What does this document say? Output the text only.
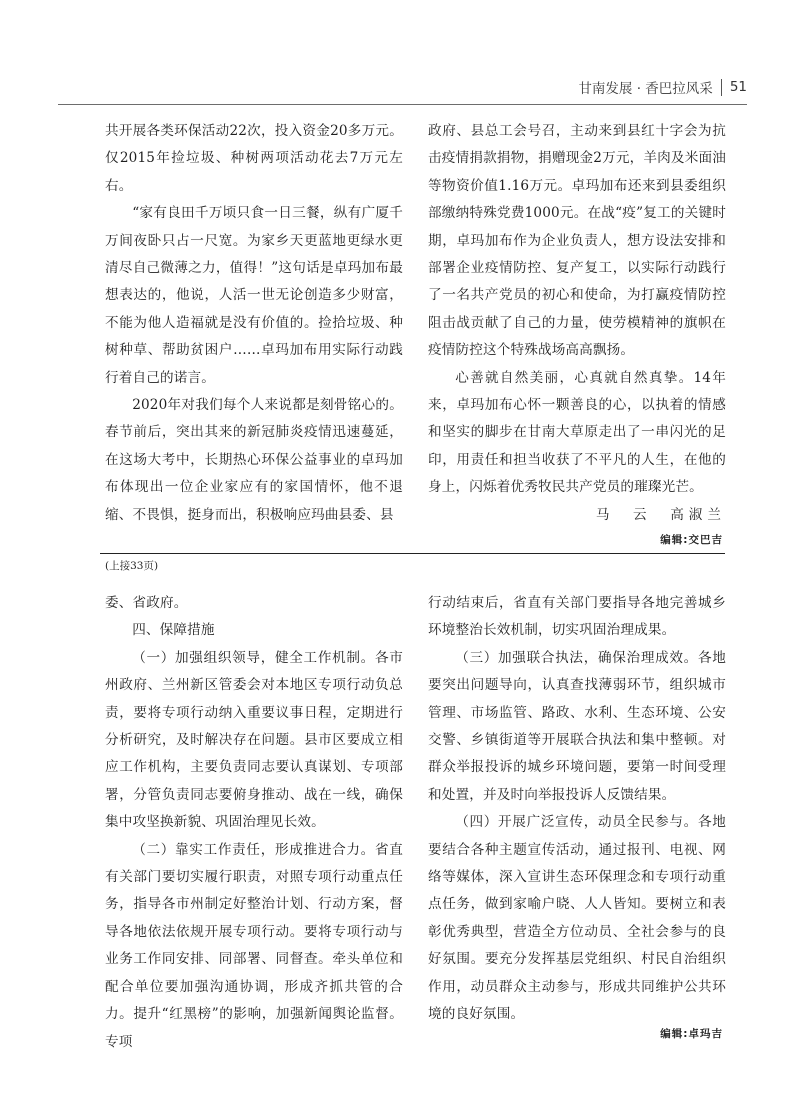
甘南发展 · 香巴拉风采 51

共开展各类环保活动22次，投入资金20多万元。仅2015年捡垃圾、种树两项活动花去7万元左右。

“家有良田千万顷只食一日三餐，纵有广厦千万间夜卧只占一尺宽。为家乡天更蓝地更绿水更清尽自己微薄之力，值得！”这句话是卓玛加布最想表达的，他说，人活一世无论创造多少财富，不能为他人造福就是没有价值的。捡拾垃圾、种树种草、帮助贫困户……卓玛加布用实际行动践行着自己的诺言。

2020年对我们每个人来说都是刻骨铭心的。春节前后，突出其来的新冠肺炎疫情迅速蔓延，在这场大考中，长期热心环保公益事业的卓玛加布体现出一位企业家应有的家国情怀，他不退缩、不畏惧，挺身而出，积极响应玛曲县委、县

政府、县总工会号召，主动来到县红十字会为抗击疫情捐款捐物，捐赠现金2万元，羊肉及米面油等物资价值1.16万元。卓玛加布还来到县委组织部缴纳特殊党费1000元。在战“疫”复工的关键时期，卓玛加布作为企业负责人，想方设法安排和部署企业疫情防控、复产复工，以实际行动践行了一名共产党员的初心和使命，为打赢疫情防控阻击战贡献了自己的力量，使劳模精神的旗帜在疫情防控这个特殊战场高高飘扬。

心善就自然美丽，心真就自然真挚。14年来，卓玛加布心怀一颗善良的心，以执着的情感和坚实的脚步在甘南大草原走出了一串闪光的足印，用责任和担当收获了不平凡的人生，在他的身上，闪烁着优秀牧民共产党员的璀璨光芒。

马　云　高淑兰

编辑:交巴吉
(上接33页)

委、省政府。

四、保障措施

（一）加强组织领导，健全工作机制。各市州政府、兰州新区管委会对本地区专项行动负总责，要将专项行动纳入重要议事日程，定期进行分析研究，及时解决存在问题。县市区要成立相应工作机构，主要负责同志要认真谋划、专项部署，分管负责同志要俯身推动、战在一线，确保集中攻坚换新貌、巩固治理见长效。

（二）靠实工作责任，形成推进合力。省直有关部门要切实履行职责，对照专项行动重点任务，指导各市州制定好整治计划、行动方案，督导各地依法依规开展专项行动。要将专项行动与业务工作同安排、同部署、同督查。牵头单位和配合单位要加强沟通协调，形成齐抓共管的合力。提升“红黑榜”的影响，加强新闻舆论监督。专项

行动结束后，省直有关部门要指导各地完善城乡环境整治长效机制，切实巩固治理成果。

（三）加强联合执法，确保治理成效。各地要突出问题导向，认真查找薄弱环节，组织城市管理、市场监管、路政、水利、生态环境、公安交警、乡镇街道等开展联合执法和集中整顿。对群众举报投诉的城乡环境问题，要第一时间受理和处置，并及时向举报投诉人反馈结果。

（四）开展广泛宣传，动员全民参与。各地要结合各种主题宣传活动，通过报刊、电视、网络等媒体，深入宣讲生态环保理念和专项行动重点任务，做到家喻户晓、人人皆知。要树立和表彰优秀典型，营造全方位动员、全社会参与的良好氛围。要充分发挥基层党组织、村民自治组织作用，动员群众主动参与，形成共同维护公共环境的良好氛围。

编辑:卓玛吉
